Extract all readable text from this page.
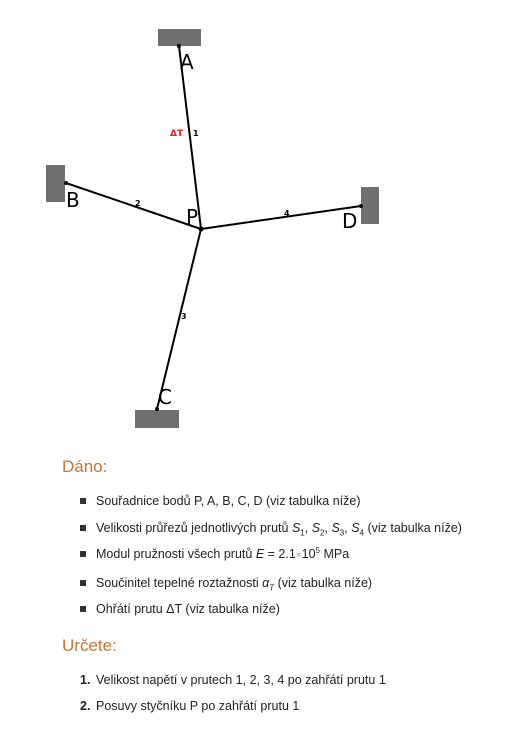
A
B
P	D
C
1
2
3
4
ΔT
Dáno:
Souřadnice bodů P, A, B, C, D (viz tabulka níže)
Velikosti průřezů jednotlivých prutů $S_1$, $S_2$, $S_3$, $S_4$ (viz tabulka níže)
Modul pružnosti všech prutů $E = 2.1\times 10^5$ MPa
Součinitel tepelné roztažnosti $\alpha_T$ (viz tabulka níže)
Ohřátí prutu ΔT (viz tabulka níže)
Určete:
1. Velikost napětí v prutech 1, 2, 3, 4 po zahřátí prutu 1
2. Posuvy styčníku P po zahřátí prutu 1
